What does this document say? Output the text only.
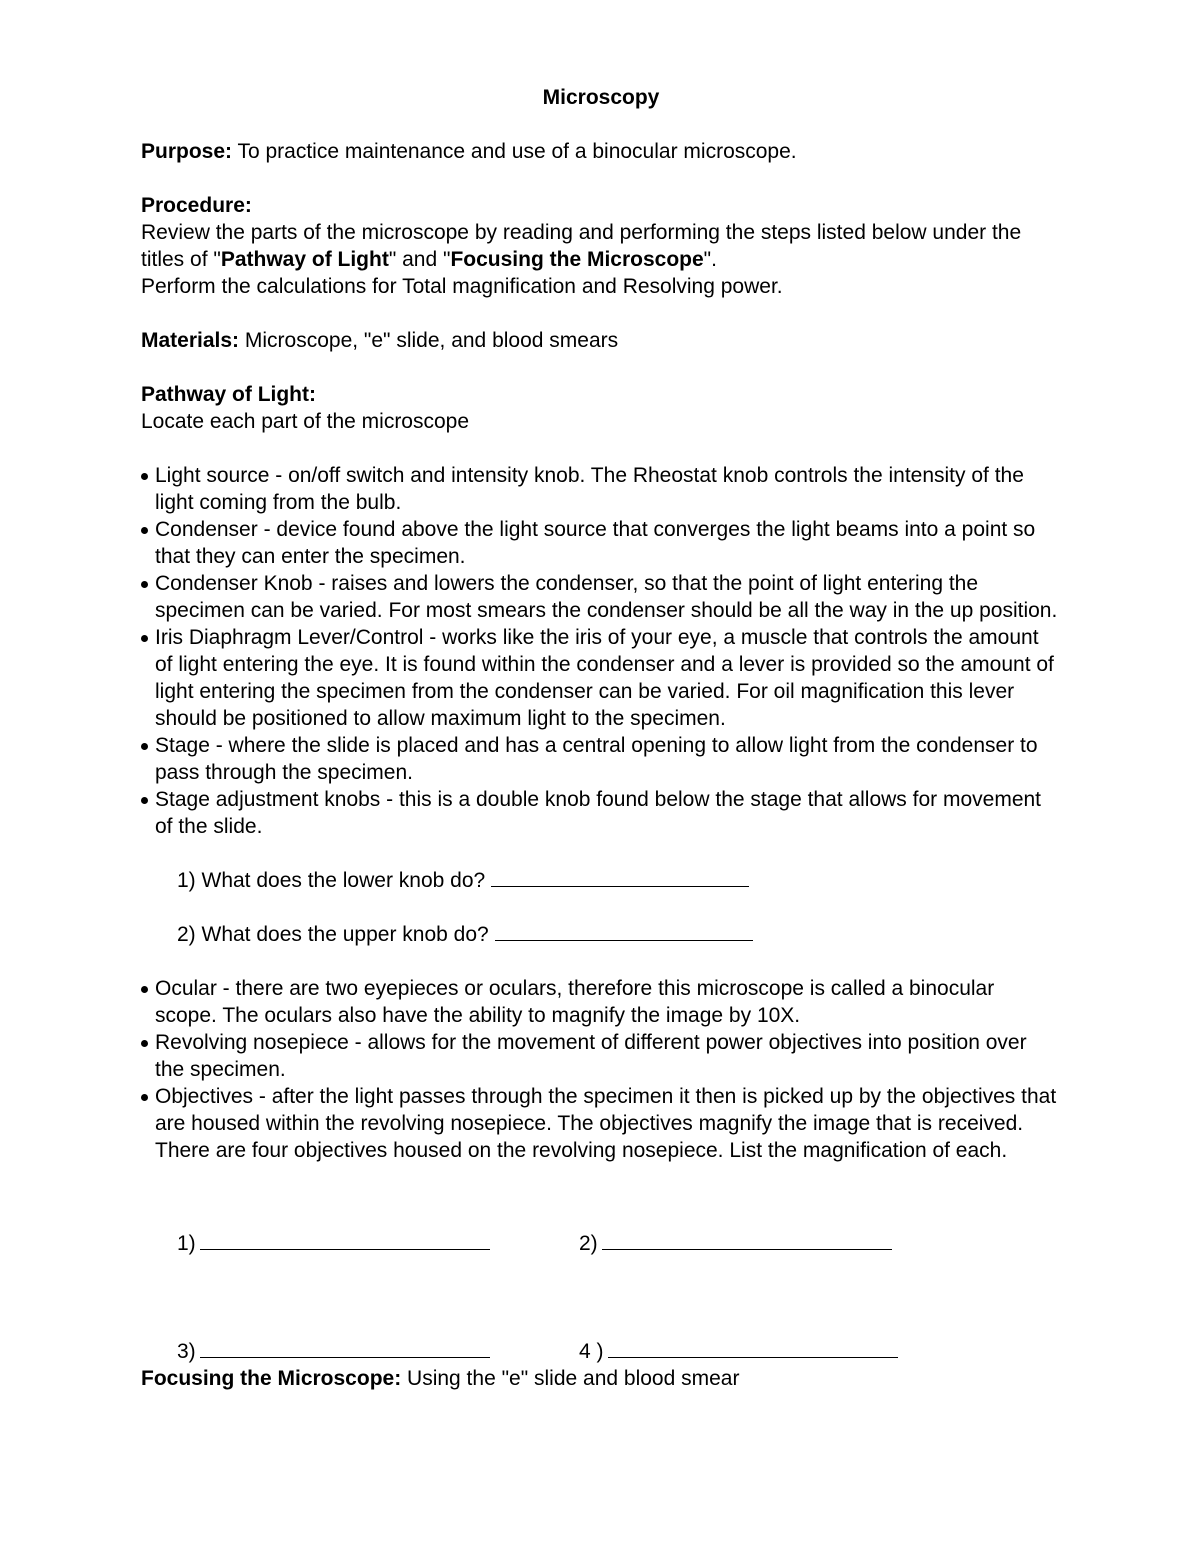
Microscopy

Purpose: To practice maintenance and use of a binocular microscope.

Procedure:

Review the parts of the microscope by reading and performing the steps listed below under the titles of "Pathway of Light" and "Focusing the Microscope".

Perform the calculations for Total magnification and Resolving power.

Materials: Microscope, "e" slide, and blood smears

Pathway of Light:

Locate each part of the microscope

Light source - on/off switch and intensity knob. The Rheostat knob controls the intensity of the light coming from the bulb.
Condenser - device found above the light source that converges the light beams into a point so that they can enter the specimen.
Condenser Knob - raises and lowers the condenser, so that the point of light entering the specimen can be varied. For most smears the condenser should be all the way in the up position.
Iris Diaphragm Lever/Control - works like the iris of your eye, a muscle that controls the amount of light entering the eye. It is found within the condenser and a lever is provided so the amount of light entering the specimen from the condenser can be varied. For oil magnification this lever should be positioned to allow maximum light to the specimen.
Stage - where the slide is placed and has a central opening to allow light from the condenser to pass through the specimen.
Stage adjustment knobs - this is a double knob found below the stage that allows for movement of the slide.
1) What does the lower knob do?
2) What does the upper knob do?
Ocular - there are two eyepieces or oculars, therefore this microscope is called a binocular scope. The oculars also have the ability to magnify the image by 10X.
Revolving nosepiece - allows for the movement of different power objectives into position over the specimen.
Objectives - after the light passes through the specimen it then is picked up by the objectives that are housed within the revolving nosepiece. The objectives magnify the image that is received. There are four objectives housed on the revolving nosepiece. List the magnification of each.
1)	2)
3)	4 )

Focusing the Microscope: Using the "e" slide and blood smear
